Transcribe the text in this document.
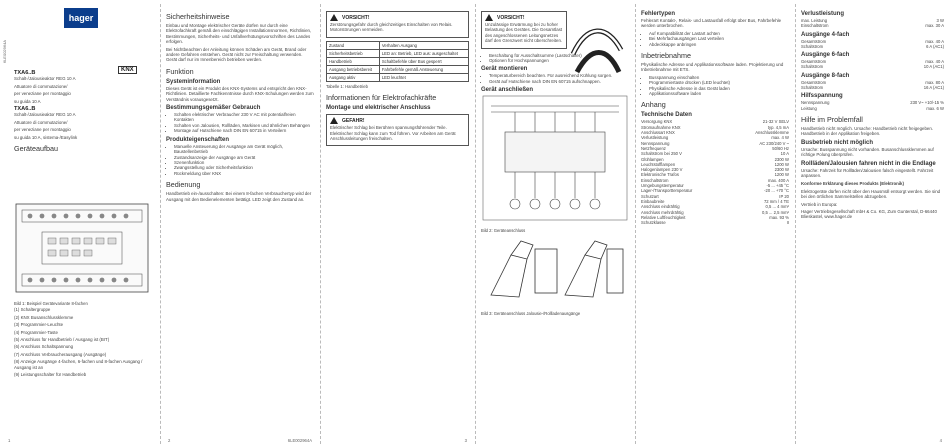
hager
6LE002964A

TXA6..B

Schalt-/Jalousieaktor REG 10 A

Attuatore di commutazione/

per veneziane per montaggio

su guida 10 A

TXA6..B

Schalt-/Jalousieaktor REG 10 A

Attuatore di commutazione/

per veneziane per montaggio

su guida 10 A, sistema-/Easylink

Geräteaufbau
KNX

Bild 1: Beispiel Gerätevariante 8-fachen

(1) Schaltergruppe

(2) KNX Busanschlussklemme

(3) Programmier-Leuchte

(4) Programmier-Taste

(5) Anschluss für Handbetrieb / Ausgang ist (BIT)

(6) Anschluss Schaltspannung

(7) Anschluss Verbraucherausgang (Ausgänge)

(8) Anzeige Ausgänge 4-fachen, 6-fachen und 8-fachen Ausgang / Ausgang ist an

(9) Leistungsschalter für Handbetrieb

1
Sicherheitshinweise

Einbau und Montage elektrischer Geräte dürfen nur durch eine Elektrofachkraft gemäß den einschlägigen Installationsnormen, Richtlinien, Bestimmungen, Sicherheits- und Unfallverhütungsvorschriften des Landes erfolgen.

Bei Nichtbeachten der Anleitung können Schäden am Gerät, Brand oder andere Gefahren entstehen. Gerät nicht zur Freischaltung verwenden. Gerät darf nur im Innenbereich betrieben werden.

Funktion
Systeminformation

Dieses Gerät ist ein Produkt des KNX-Systems und entspricht den KNX-Richtlinien. Detaillierte Fachkenntnisse durch KNX-Schulungen werden zum Verständnis vorausgesetzt.

Bestimmungsgemäßer Gebrauch
• Schalten elektrischer Verbraucher 230 V AC mit potentialfreien Kontakten
• Schalten von Jalousien, Rollläden, Markisen und ähnlichen Behängen
• Montage auf Hutschiene nach DIN EN 60715 in Verteilern
Produkteigenschaften
• Manuelle Ansteuerung der Ausgänge am Gerät möglich, Baustellenbetrieb
• Zustandsanzeige der Ausgänge am Gerät
• Szenenfunktion
• Zwangsstellung oder Sicherheitsfunktion
• Rückmeldung über KNX
Bedienung

Handbetrieb ein-/ausschalten: Bei einem 8-fachen Verbrauchertyp wird der Ausgang mit den Bedienelementen betätigt. LED zeigt den Zustand an.

6LE002964A
2
VORSICHT!

Zerstörungsgefahr durch gleichzeitiges Einschalten von Relais. Motorstörungen vermeiden.

Zustand	Verhalten Ausgang
Sicherheitsbetrieb	LED an: Betrieb, LED aus: ausgeschaltet
Handbetrieb	Schaltbefehle über Bus gesperrt
Ausgang betriebsbereit	Fahrbefehle gemäß Ansteuerung
Ausgang aktiv	LED leuchtet

Tabelle 1: Handbetrieb

Informationen für Elektrofachkräfte
Montage und elektrischer Anschluss
GEFAHR!

Elektrischer Schlag bei Berühren spannungsführender Teile. Elektrischer Schlag kann zum Tod führen. Vor Arbeiten am Gerät Anschlussleitungen freischalten.

3
VORSICHT!

Unzulässige Erwärmung bei zu hoher Belastung des Gerätes. Die Gesamtlast des angeschlossenen Leitungsnetzes darf den Grenzwert nicht überschreiten.

• Beschaltung für Ausschaltsumme (Lastschalter)
• Optionen für Hochspannungen
Gerät montieren
• Temperaturbereich beachten. Für ausreichend Kühlung sorgen.
• Gerät auf Hutschiene nach DIN EN 60715 aufschnappen.
Gerät anschließen

Bild 2: Geräteanschluss

Bild 3: Geräteanschluss Jalousie-/Rollladenausgänge

Fehlertypen

Fehlerart Kontakt-, Relais- und Lastausfall erfolgt über Bus, Fahrbefehle werden unterbrochen.

• Auf Kompatibilität der Lastart achten
• Bei Mehrfachausgängen Last verteilen
• Abdeckkappe anbringen
Inbetriebnahme

Physikalische Adresse und Applikationssoftware laden. Projektierung und Inbetriebnahme mit ETS.

• Busspannung einschalten
• Programmiertaste drücken (LED leuchtet)
• Physikalische Adresse in das Gerät laden
• Applikationssoftware laden
Anhang
Technische Daten
Versorgung KNX	21-32 V SELV
Stromaufnahme KNX	typ. 4,5 mA
Anschlussart KNX	Anschlussklemme
Verlustleistung	max. 4 W
Nennspannung	AC 230/240 V ~
Netzfrequenz	50/60 Hz
Schaltstrom bei 250 V	10 A
Glühlampen	2300 W
Leuchtstofflampen	1200 W
Halogenlampen 230 V	2300 W
Elektronische Trafos	1200 W
Einschaltstrom	max. 400 A
Umgebungstemperatur	-5 ... +45 °C
Lager-/Transporttemperatur	-20 ... +70 °C
Schutzart	IP 20
Einbaubreite	72 mm / 4 TE
Anschluss eindrähtig	0,5 ... 4 mm²
Anschluss mehrdrähtig	0,5 ... 2,5 mm²
Relative Luftfeuchtigkeit	max. 93 %
Schutzklasse	II
Verlustleistung
max. Leistung	3 W
Einschaltstrom	max. 30 A
Ausgänge 4-fach
Gesamtstrom	max. 40 A
Schaltstrom	6 A (AC1)
Ausgänge 6-fach
Gesamtstrom	max. 40 A
Schaltstrom	10 A (AC1)
Ausgänge 8-fach
Gesamtstrom	max. 80 A
Schaltstrom	16 A (AC1)
Hilfsspannung
Nennspannung	230 V~ +10/-15 %
Leistung	max. 6 W
Hilfe im Problemfall

Handbetrieb nicht möglich. Ursache: Handbetrieb nicht freigegeben. Handbetrieb in der Applikation freigeben.

Busbetrieb nicht möglich

Ursache: Busspannung nicht vorhanden. Busanschlussklemmen auf richtige Polung überprüfen.

Rollläden/Jalousien fahren nicht in die Endlage

Ursache: Fahrzeit für Rollläden/Jalousien falsch eingestellt. Fahrzeit anpassen.

Konforme Erklärung dieses Produkts (Elektronik)

Elektrogeräte dürfen nicht über den Hausmüll entsorgt werden. Sie sind bei den örtlichen Sammelstellen abzugeben.

Vertrieb in Europa:

Hager Vertriebsgesellschaft mbH & Co. KG, Zum Gunterstal, D-66440 Blieskastel, www.hager.de

4
